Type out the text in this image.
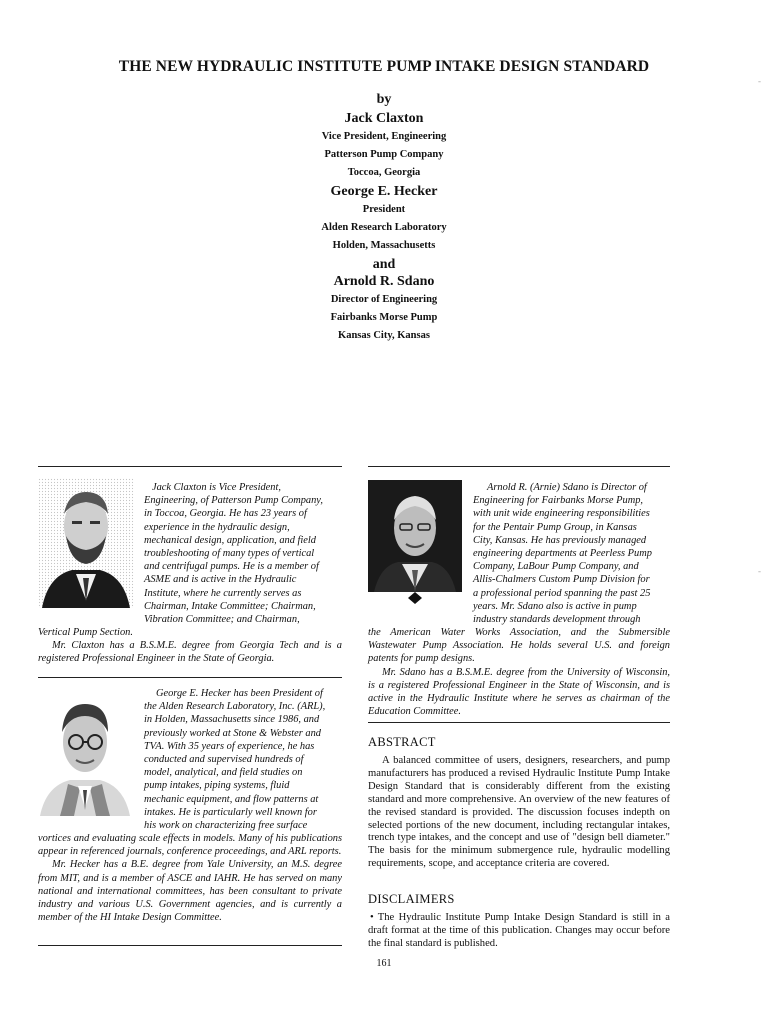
THE NEW HYDRAULIC INSTITUTE PUMP INTAKE DESIGN STANDARD
by
Jack Claxton
Vice President, Engineering
Patterson Pump Company
Toccoa, Georgia
George E. Hecker
President
Alden Research Laboratory
Holden, Massachusetts
and
Arnold R. Sdano
Director of Engineering
Fairbanks Morse Pump
Kansas City, Kansas

Jack Claxton is Vice President,

Engineering, of Patterson Pump Company,

in Toccoa, Georgia. He has 23 years of

experience in the hydraulic design,

mechanical design, application, and field

troubleshooting of many types of vertical

and centrifugal pumps. He is a member of

ASME and is active in the Hydraulic

Institute, where he currently serves as

Chairman, Intake Committee; Chairman,

Vibration Committee; and Chairman,

Vertical Pump Section.

Mr. Claxton has a B.S.M.E. degree from Georgia Tech and is a registered Professional Engineer in the State of Georgia.

George E. Hecker has been President of

the Alden Research Laboratory, Inc. (ARL),

in Holden, Massachusetts since 1986, and

previously worked at Stone & Webster and

TVA. With 35 years of experience, he has

conducted and supervised hundreds of

model, analytical, and field studies on

pump intakes, piping systems, fluid

mechanic equipment, and flow patterns at

intakes. He is particularly well known for

his work on characterizing free surface

vortices and evaluating scale effects in models. Many of his publications appear in referenced journals, conference proceedings, and ARL reports.

Mr. Hecker has a B.E. degree from Yale University, an M.S. degree from MIT, and is a member of ASCE and IAHR. He has served on many national and international committees, has been consultant to private industry and various U.S. Government agencies, and is currently a member of the HI Intake Design Committee.

Arnold R. (Arnie) Sdano is Director of

Engineering for Fairbanks Morse Pump,

with unit wide engineering responsibilities

for the Pentair Pump Group, in Kansas

City, Kansas. He has previously managed

engineering departments at Peerless Pump

Company, LaBour Pump Company, and

Allis-Chalmers Custom Pump Division for

a professional period spanning the past 25

years. Mr. Sdano also is active in pump

industry standards development through

the American Water Works Association, and the Submersible Wastewater Pump Association. He holds several U.S. and foreign patents for pump designs.

Mr. Sdano has a B.S.M.E. degree from the University of Wisconsin, is a registered Professional Engineer in the State of Wisconsin, and is active in the Hydraulic Institute where he serves as chairman of the Education Committee.

ABSTRACT

A balanced committee of users, designers, researchers, and pump manufacturers has produced a revised Hydraulic Institute Pump Intake Design Standard that is considerably different from the existing standard and more comprehensive. An overview of the new features of the revised standard is provided. The discussion focuses indepth on selected portions of the new document, including rectangular intakes, trench type intakes, and the concept and use of "design bell diameter." The basis for the minimum submergence rule, hydraulic modelling requirements, scope, and acceptance criteria are covered.

DISCLAIMERS
• The Hydraulic Institute Pump Intake Design Standard is still in a draft format at the time of this publication. Changes may occur before the final standard is published.
161
-
-
